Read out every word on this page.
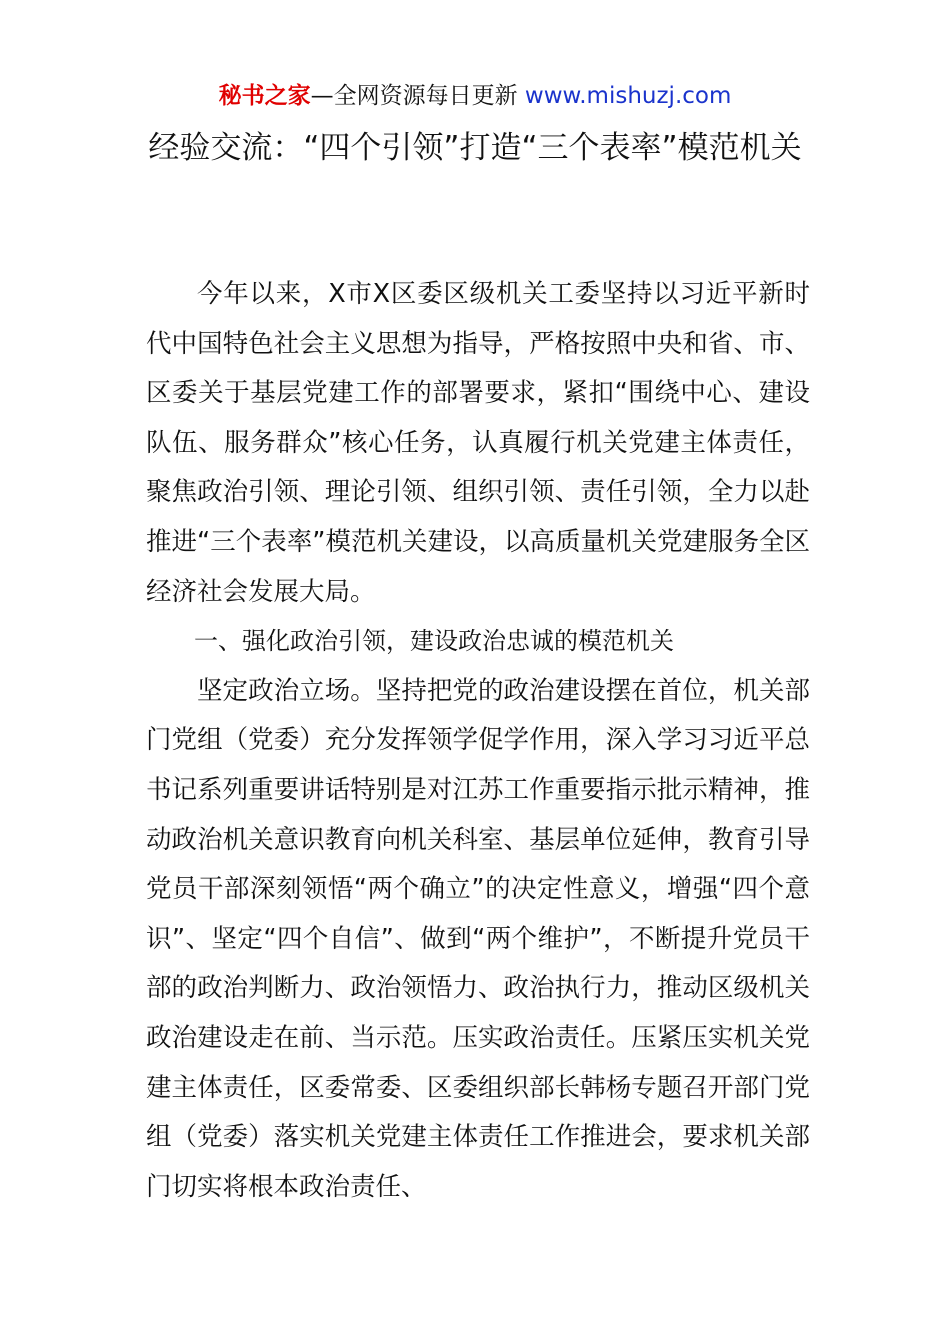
秘书之家—全网资源每日更新 www.mishuzj.com
经验交流：“四个引领”打造“三个表率”模范机关

今年以来，X市X区委区级机关工委坚持以习近平新时代中国特色社会主义思想为指导，严格按照中央和省、市、区委关于基层党建工作的部署要求，紧扣“围绕中心、建设队伍、服务群众”核心任务，认真履行机关党建主体责任，聚焦政治引领、理论引领、组织引领、责任引领，全力以赴推进“三个表率”模范机关建设，以高质量机关党建服务全区经济社会发展大局。

一、强化政治引领，建设政治忠诚的模范机关

坚定政治立场。坚持把党的政治建设摆在首位，机关部门党组（党委）充分发挥领学促学作用，深入学习习近平总书记系列重要讲话特别是对江苏工作重要指示批示精神，推动政治机关意识教育向机关科室、基层单位延伸，教育引导党员干部深刻领悟“两个确立”的决定性意义，增强“四个意识”、坚定“四个自信”、做到“两个维护”，不断提升党员干部的政治判断力、政治领悟力、政治执行力，推动区级机关政治建设走在前、当示范。压实政治责任。压紧压实机关党建主体责任，区委常委、区委组织部长韩杨专题召开部门党组（党委）落实机关党建主体责任工作推进会，要求机关部门切实将根本政治责任、
